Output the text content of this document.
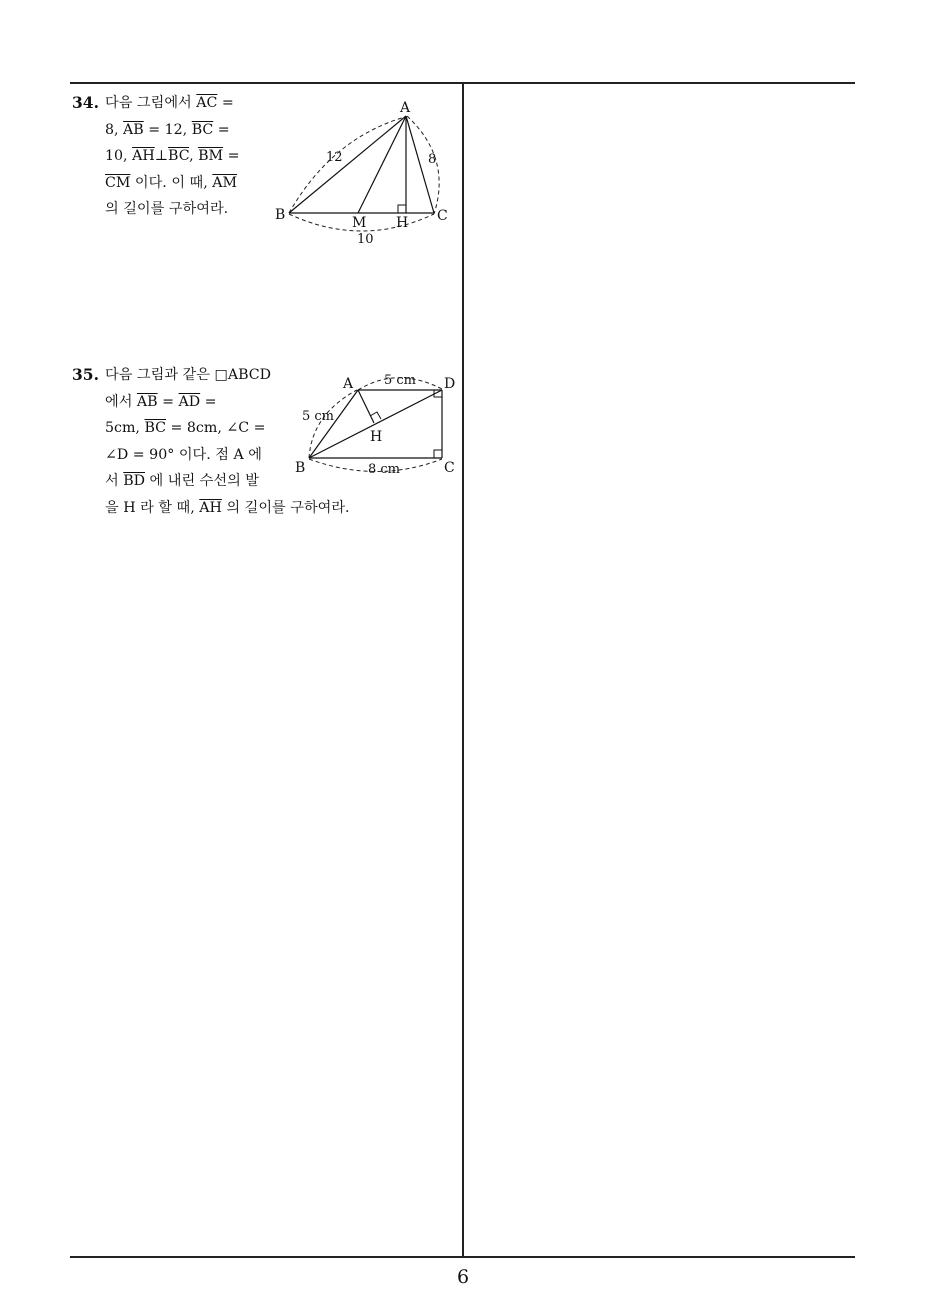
34. 다음 그림에서 $\overline{AC}$ =
8, $\overline{AB} = 12$, $\overline{BC}$ =
10, $\overline{AH}\perp\overline{BC}$, $\overline{BM}$ =
$\overline{CM}$ 이다. 이 때, $\overline{AM}$
의 길이를 구하여라.
A
B	C
M H
12	8
10
35. 다음 그림과 같은 □ABCD
에서 $\overline{AB} = \overline{AD}$ =
5cm, $\overline{BC} = 8cm$, ∠C =
∠D = 90° 이다. 점 A 에
서 $\overline{BD}$ 에 내린 수선의 발
을 H 라 할 때, $\overline{AH}$ 의 길이를 구하여라.
A	D
B	C
H
5 cm
5 cm
8 cm
6
